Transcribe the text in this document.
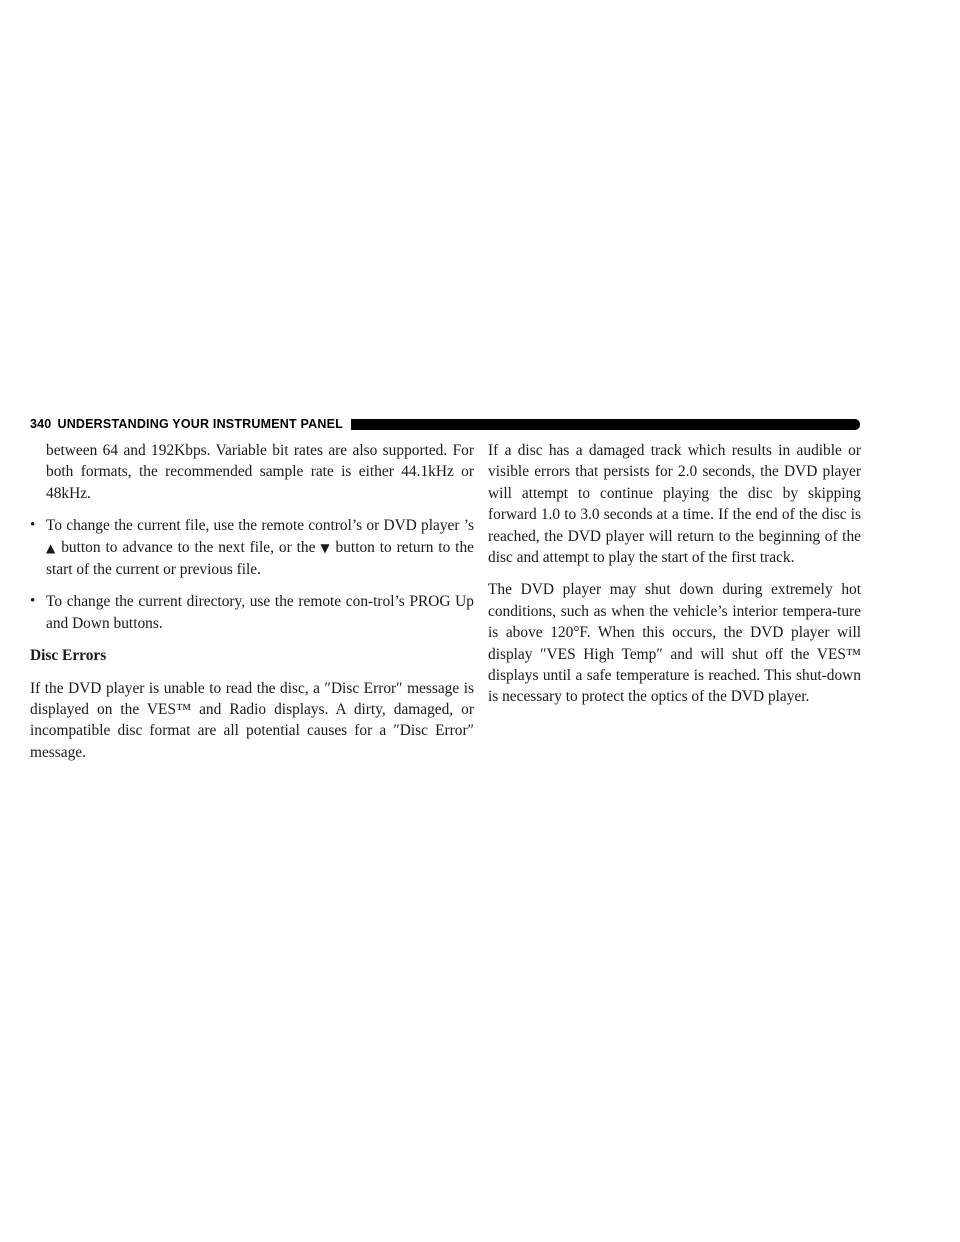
340 UNDERSTANDING YOUR INSTRUMENT PANEL

between 64 and 192Kbps. Variable bit rates are also supported. For both formats, the recommended sample rate is either 44.1kHz or 48kHz.

• To change the current file, use the remote control’s or DVD player ’s ▲ button to advance to the next file, or the ▼ button to return to the start of the current or previous file.
• To change the current directory, use the remote con-trol’s PROG Up and Down buttons.

Disc Errors

If the DVD player is unable to read the disc, a ″Disc Error″ message is displayed on the VES™ and Radio displays. A dirty, damaged, or incompatible disc format are all potential causes for a ″Disc Error″ message.

If a disc has a damaged track which results in audible or visible errors that persists for 2.0 seconds, the DVD player will attempt to continue playing the disc by skipping forward 1.0 to 3.0 seconds at a time. If the end of the disc is reached, the DVD player will return to the beginning of the disc and attempt to play the start of the first track.

The DVD player may shut down during extremely hot conditions, such as when the vehicle’s interior tempera-ture is above 120°F. When this occurs, the DVD player will display ″VES High Temp″ and will shut off the VES™ displays until a safe temperature is reached. This shut-down is necessary to protect the optics of the DVD player.
